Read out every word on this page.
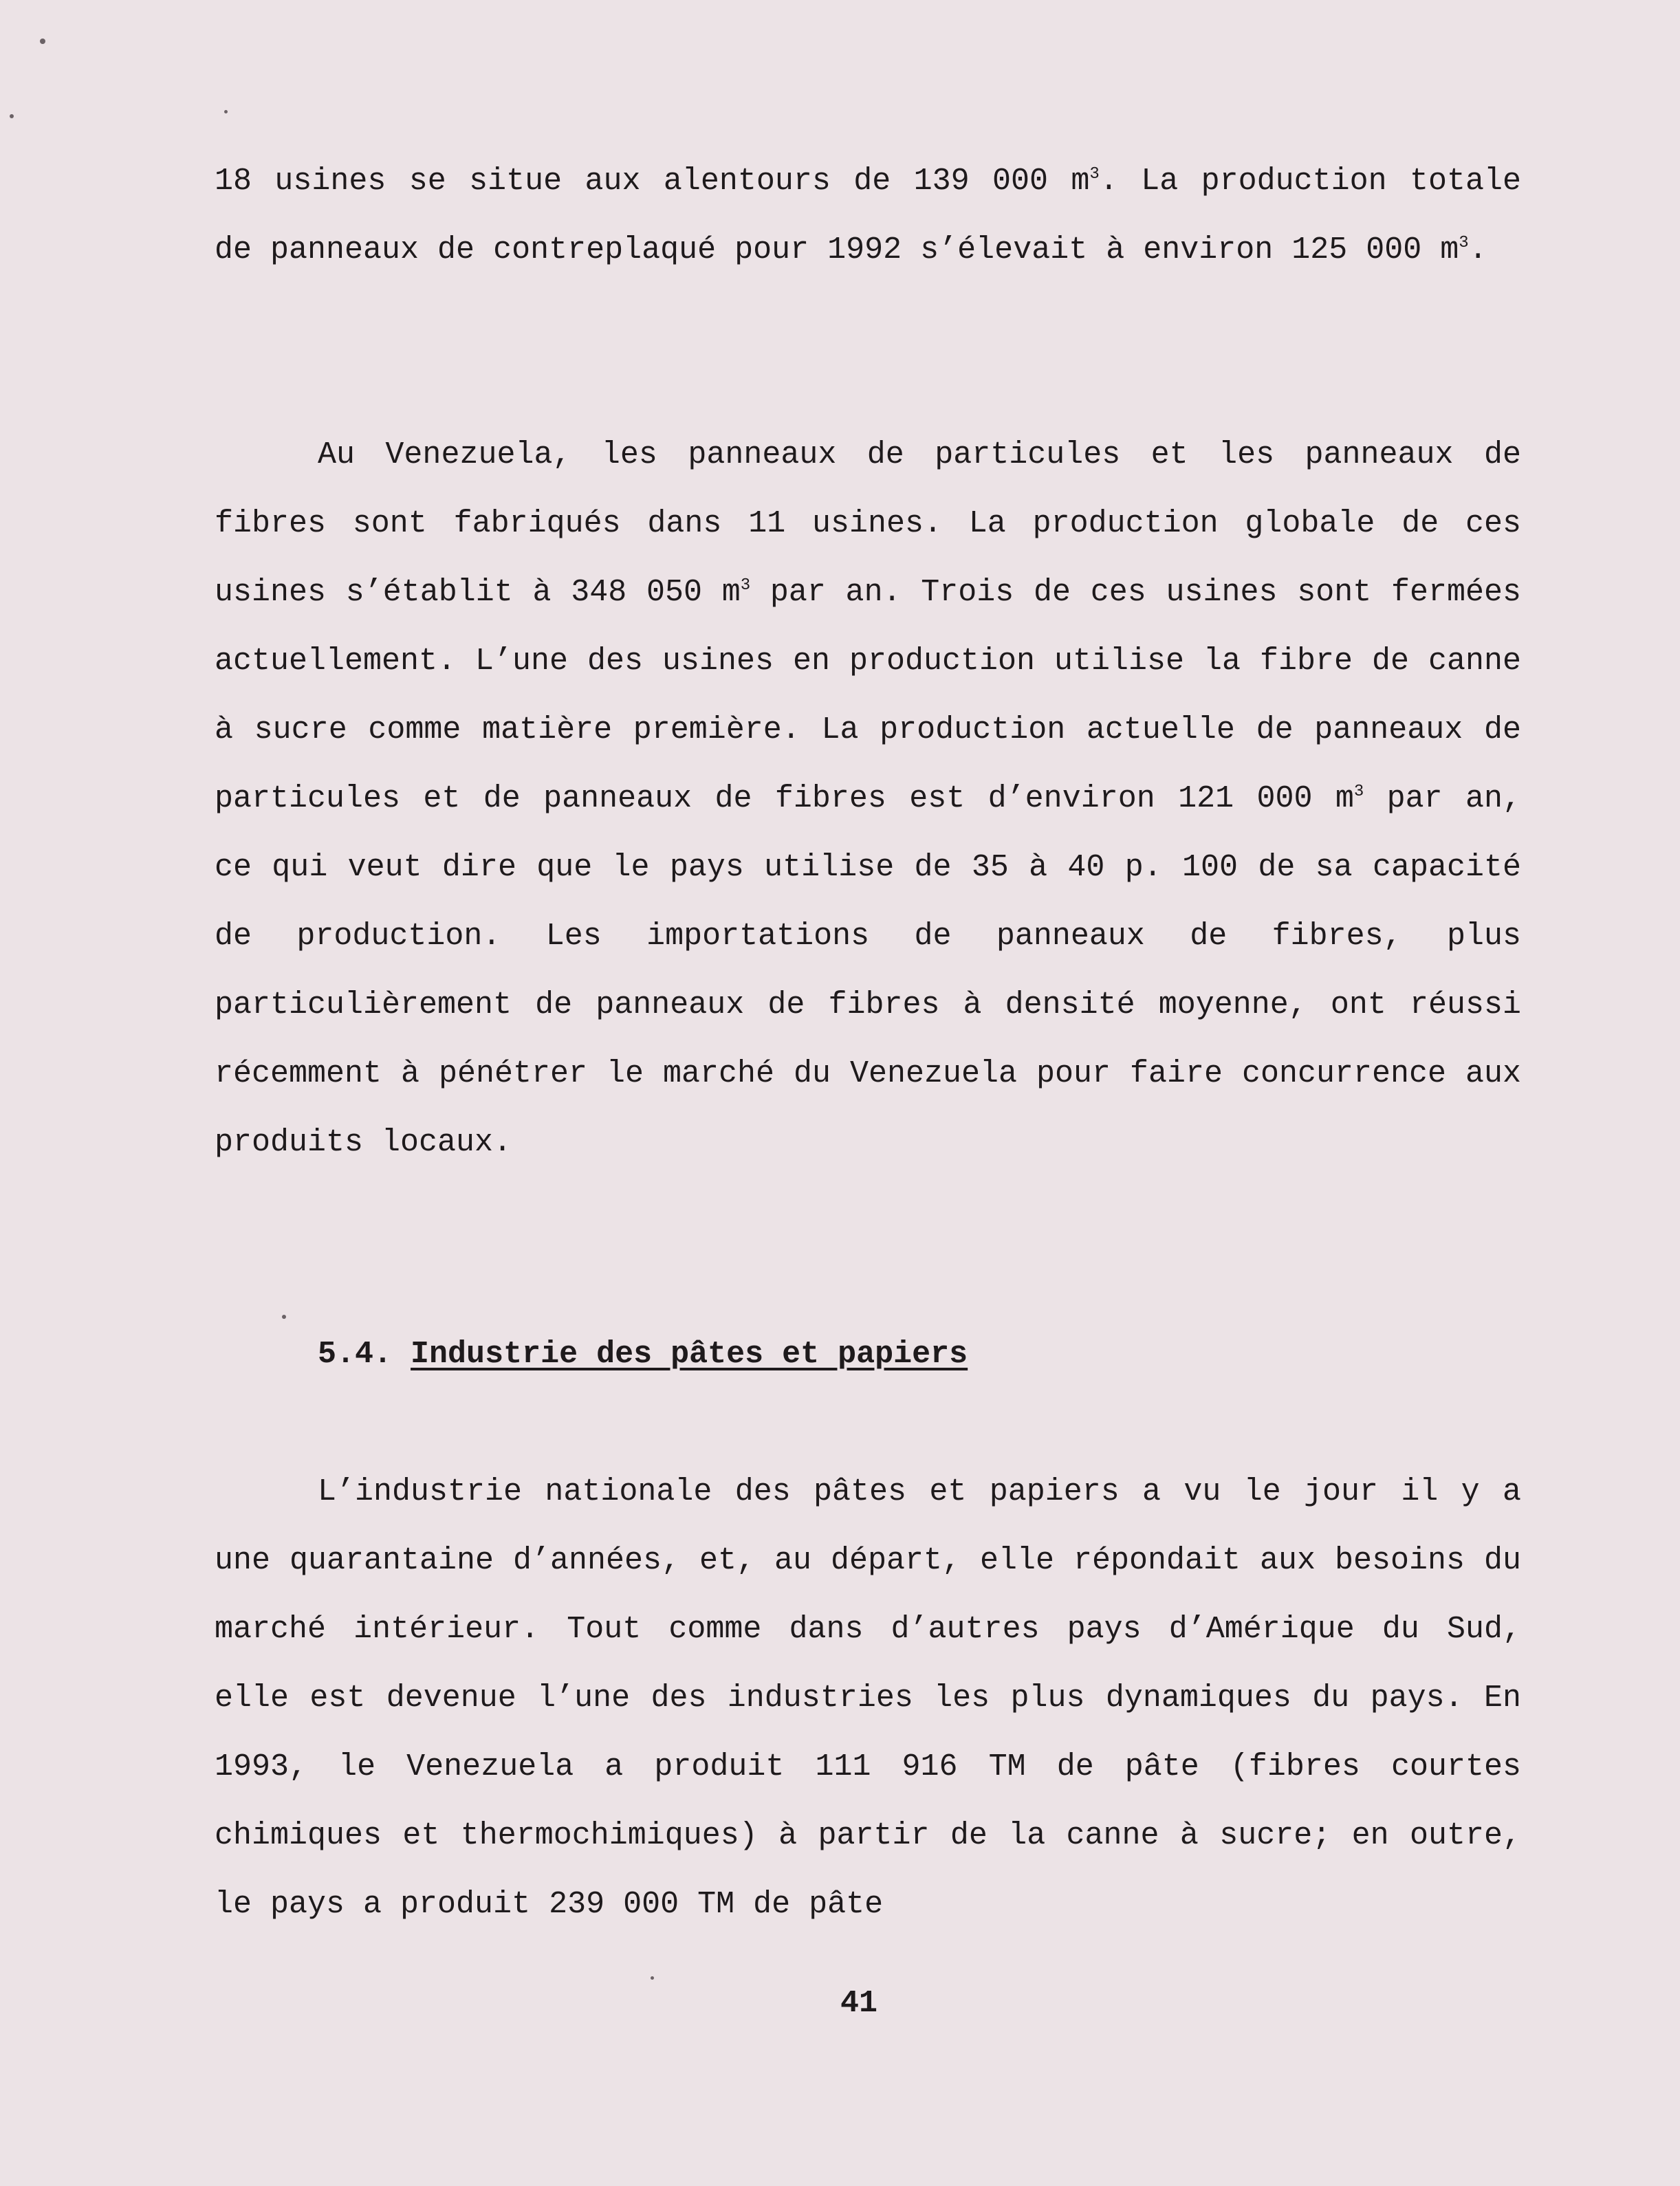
18 usines se situe aux alentours de 139 000 $m^3$. La production totale de panneaux de contreplaqué pour 1992 s’élevait à environ 125 000 $m^3$.

Au Venezuela, les panneaux de particules et les panneaux de fibres sont fabriqués dans 11 usines. La production globale de ces usines s’établit à 348 050 $m^3$ par an. Trois de ces usines sont fermées actuellement. L’une des usines en production utilise la fibre de canne à sucre comme matière première. La production actuelle de panneaux de particules et de panneaux de fibres est d’environ 121 000 $m^3$ par an, ce qui veut dire que le pays utilise de 35 à 40 p. 100 de sa capacité de production. Les importations de panneaux de fibres, plus particulièrement de panneaux de fibres à densité moyenne, ont réussi récemment à pénétrer le marché du Venezuela pour faire concurrence aux produits locaux.

5.4. Industrie des pâtes et papiers

L’industrie nationale des pâtes et papiers a vu le jour il y a une quarantaine d’années, et, au départ, elle répondait aux besoins du marché intérieur. Tout comme dans d’autres pays d’Amérique du Sud, elle est devenue l’une des industries les plus dynamiques du pays. En 1993, le Venezuela a produit 111 916 TM de pâte (fibres courtes chimiques et thermochimiques) à partir de la canne à sucre; en outre, le pays a produit 239 000 TM de pâte

41
